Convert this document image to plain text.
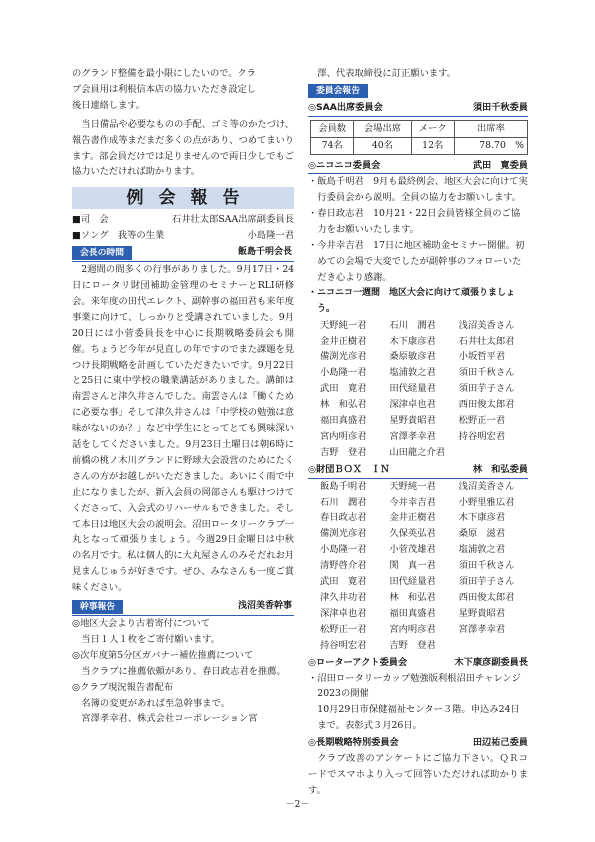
のグランド整備を最小限にしたいので。クラ
ブ会員用は利根信本店の協力いただき設定し
後日連絡します。
当日備品や必要なものの手配、ゴミ等のかたづけ、報告書作成等まだまだ多くの点があり、つめてまいります。部会員だけでは足りませんので両日少しでもご協力いただければ助かります。
例会報告
■司　会	石井壮太郎SAA出席副委員長
■ソング　我等の生業	小島隆一君
会長の時間	飯島千明会長
2週間の間多くの行事がありました。9月17日・24日にロータリ財団補助金管理のセミナーとRLI研修会。来年度の田代エレクト、副幹事の福田君も来年度事業に向けて、しっかりと受講されていました。9月20日には小菅委員長を中心に長期戦略委員会も開催。ちょうど今年が見直しの年ですのでまた課題を見つけ長期戦略を計画していただきたいです。9月22日と25日に東中学校の職業講話がありました。講師は南雲さんと津久井さんでした。南雲さんは「働くために必要な事」そして津久井さんは「中学校の勉強は意味がないのか？」など中学生にとってとても興味深い話をしてくださいました。9月23日土曜日は朝6時に前橋の桃ノ木川グランドに野球大会設営のためにたくさんの方がお越しがいただきました。あいにく雨で中止になりましたが、新入会員の岡部さんも駆けつけてくださって、入会式のリハーサルもできました。そして本日は地区大会の説明会。沼田ロータリークラブ一丸となって頑張りましょう。今週29日金曜日は中秋の名月です。私は個人的に大丸屋さんのみそだれお月見まんじゅうが好きです。ぜひ、みなさんも一度ご賞味ください。
幹事報告	浅沼美香幹事
◎地区大会より古着寄付について
当日１人１枚をご寄付願います。
◎次年度第5分区ガバナー補佐推薦について
当クラブに推薦依頼があり、春日政志君を推薦。
◎クラブ現況報告書配布
名簿の変更があれば至急幹事まで。
宮澤孝幸君、株式会社コーポレーション宮
澤、代表取締役に訂正願います。
委員会報告
◎SAA出席委員会	須田千秋委員
会員数	会場出席	メーク	出席率
74名	40名	12名	78.70　%
◎ニコニコ委員会	武田　寛委員
・飯島千明君　9月も最終例会、地区大会に向けて実行委員会から説明。全員の協力をお願いします。
・春日政志君　10月21・22日会員皆様全員のご協力をお願いいたします。
・今井幸吉君　17日に地区補助金セミナー開催。初めての会場で大変でしたが副幹事のフォローいただき心より感謝。
・ニコニコ一週間　地区大会に向けて頑張りましょう。
天野純一君	石川　潤君	浅沼美香さん
金井正樹君	木下康彦君	石井壮太郎君
備渕光彦君	桑原敏彦君	小坂哲平君
小島隆一君	塩浦敦之君	須田千秋さん
武田　寛君	田代経量君	須田芋子さん
林　和弘君	深津卓也君	西田俊太郎君
福田真盛君	星野貴昭君	松野正一君
宮内明彦君	宮澤孝幸君	持谷明宏君
吉野　登君	山田龍之介君
◎財団ＢＯＸ　ＩＮ	林　和弘委員
飯島千明君	天野純一君	浅沼美香さん
石川　潤君	今井幸吉君	小野里雅広君
春日政志君	金井正樹君	木下康彦君
備渕光彦君	久保英弘君	桑原　滋君
小島隆一君	小菅茂雄君	塩浦敦之君
清野啓介君	関　真一君	須田千秋さん
武田　寛君	田代経量君	須田芋子さん
津久井功君	林　和弘君	西田俊太郎君
深津卓也君	福田真盛君	星野貴昭君
松野正一君	宮内明彦君	宮澤孝幸君
持谷明宏君	吉野　登君
◎ローターアクト委員会	木下康彦副委員長
・沼田ロータリーカップ勉強版利根沼田チャレンジ2023の開催
10月29日市保健福祉センター３階。申込み24日まで。表彰式３月26日。
◎長期戦略特別委員会	田辺祐己委員
クラブ改善のアンケートにご協力下さい。ＱＲコードでスマホより入って回答いただければ助かります。
－2－
